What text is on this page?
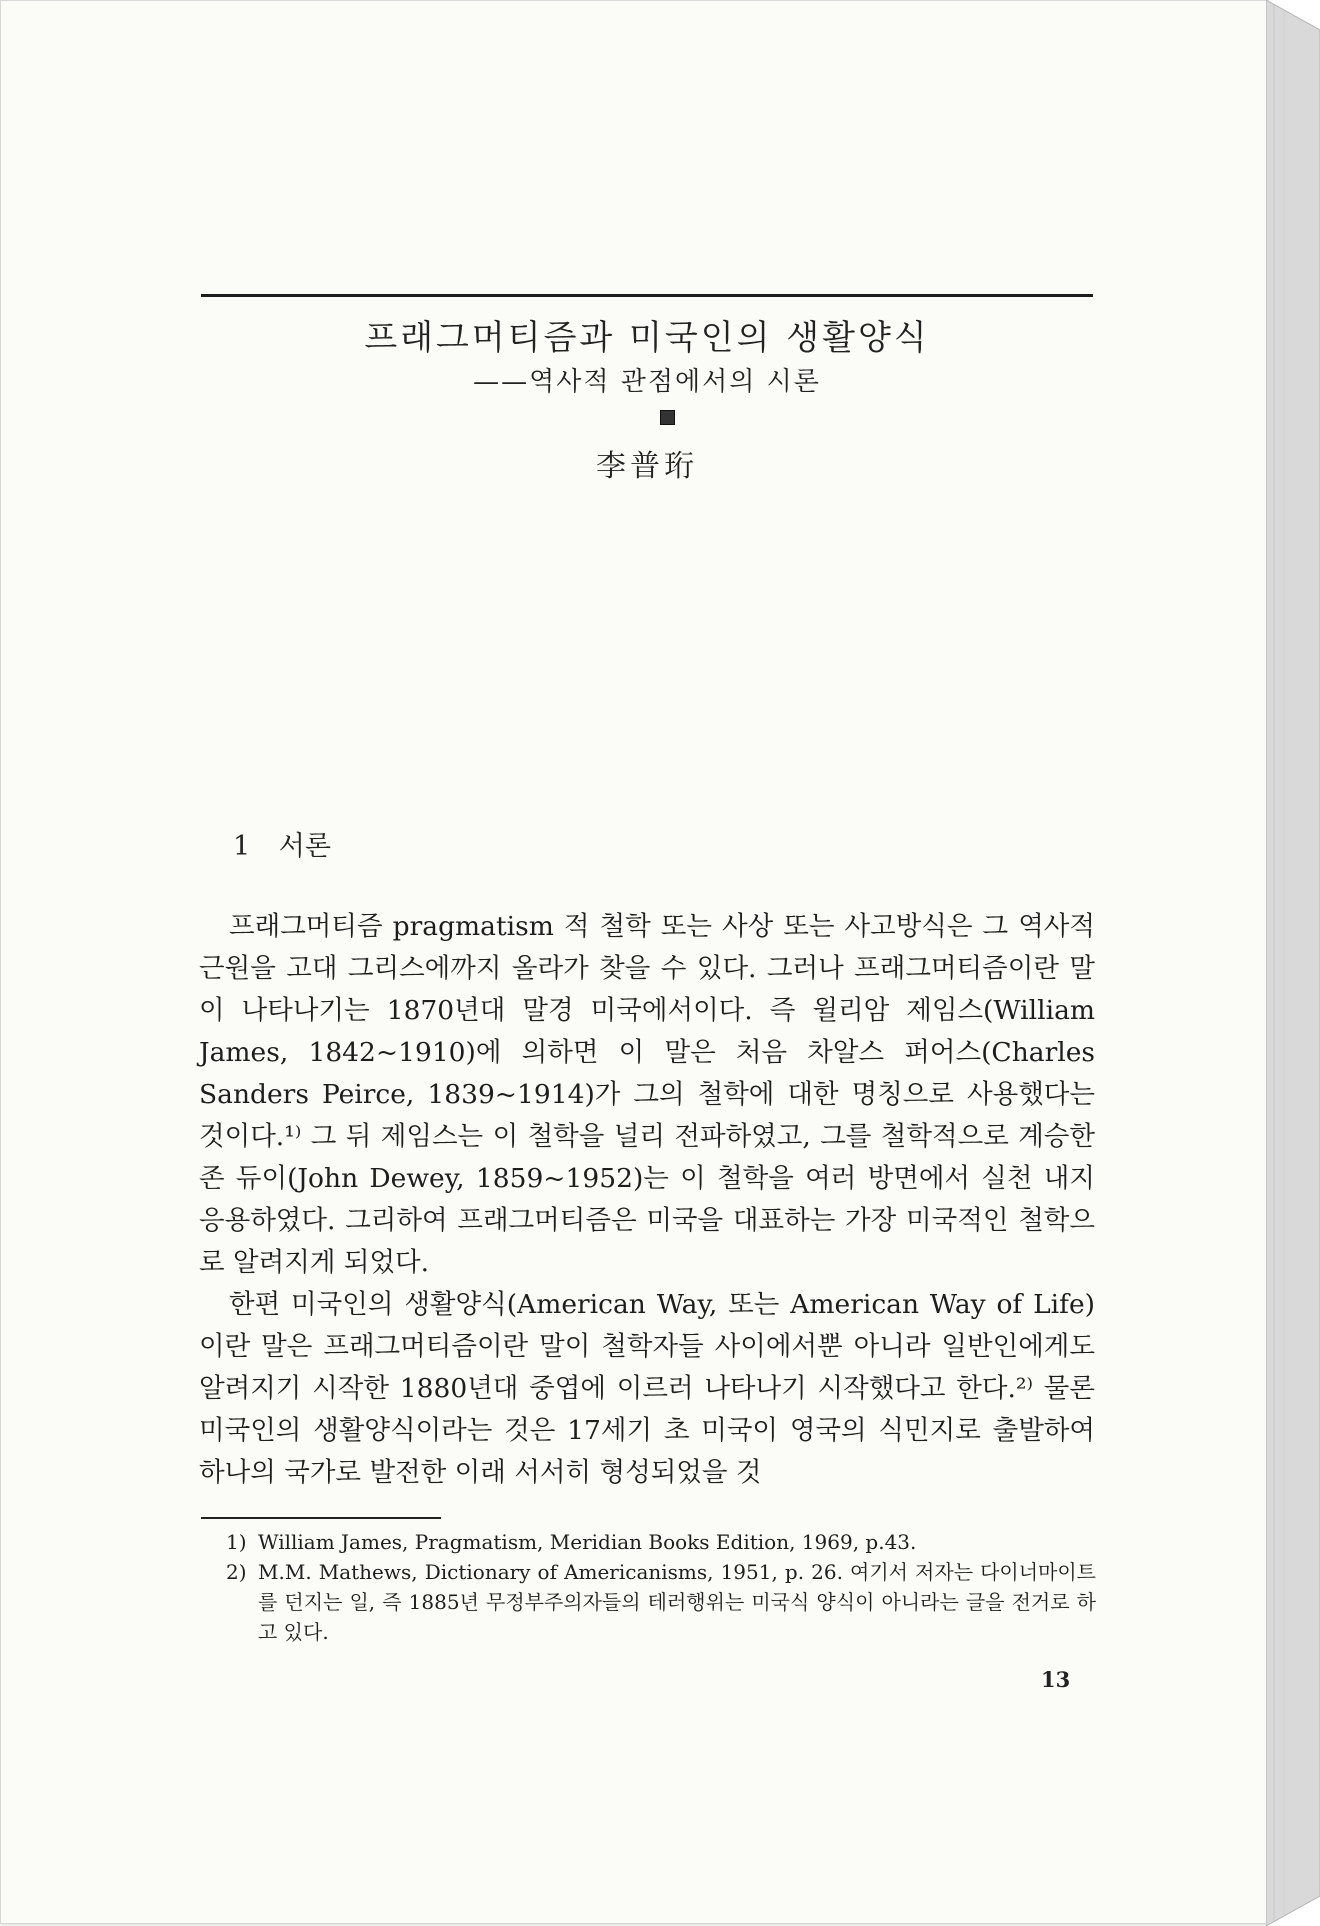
프래그머티즘과 미국인의 생활양식
——역사적 관점에서의 시론
李普珩
1 서론

프래그머티즘 pragmatism 적 철학 또는 사상 또는 사고방식은 그 역사적 근원을 고대 그리스에까지 올라가 찾을 수 있다. 그러나 프래그머티즘이란 말이 나타나기는 1870년대 말경 미국에서이다. 즉 윌리암 제임스(William James, 1842~1910)에 의하면 이 말은 처음 차알스 퍼어스(Charles Sanders Peirce, 1839~1914)가 그의 철학에 대한 명칭으로 사용했다는 것이다.¹⁾ 그 뒤 제임스는 이 철학을 널리 전파하였고, 그를 철학적으로 계승한 존 듀이(John Dewey, 1859~1952)는 이 철학을 여러 방면에서 실천 내지 응용하였다. 그리하여 프래그머티즘은 미국을 대표하는 가장 미국적인 철학으로 알려지게 되었다.

한편 미국인의 생활양식(American Way, 또는 American Way of Life)이란 말은 프래그머티즘이란 말이 철학자들 사이에서뿐 아니라 일반인에게도 알려지기 시작한 1880년대 중엽에 이르러 나타나기 시작했다고 한다.²⁾ 물론 미국인의 생활양식이라는 것은 17세기 초 미국이 영국의 식민지로 출발하여 하나의 국가로 발전한 이래 서서히 형성되었을 것

1) William James, Pragmatism, Meridian Books Edition, 1969, p.43.
2) M.M. Mathews, Dictionary of Americanisms, 1951, p. 26. 여기서 저자는 다이너마이트를 던지는 일, 즉 1885년 무정부주의자들의 테러행위는 미국식 양식이 아니라는 글을 전거로 하고 있다.
13
